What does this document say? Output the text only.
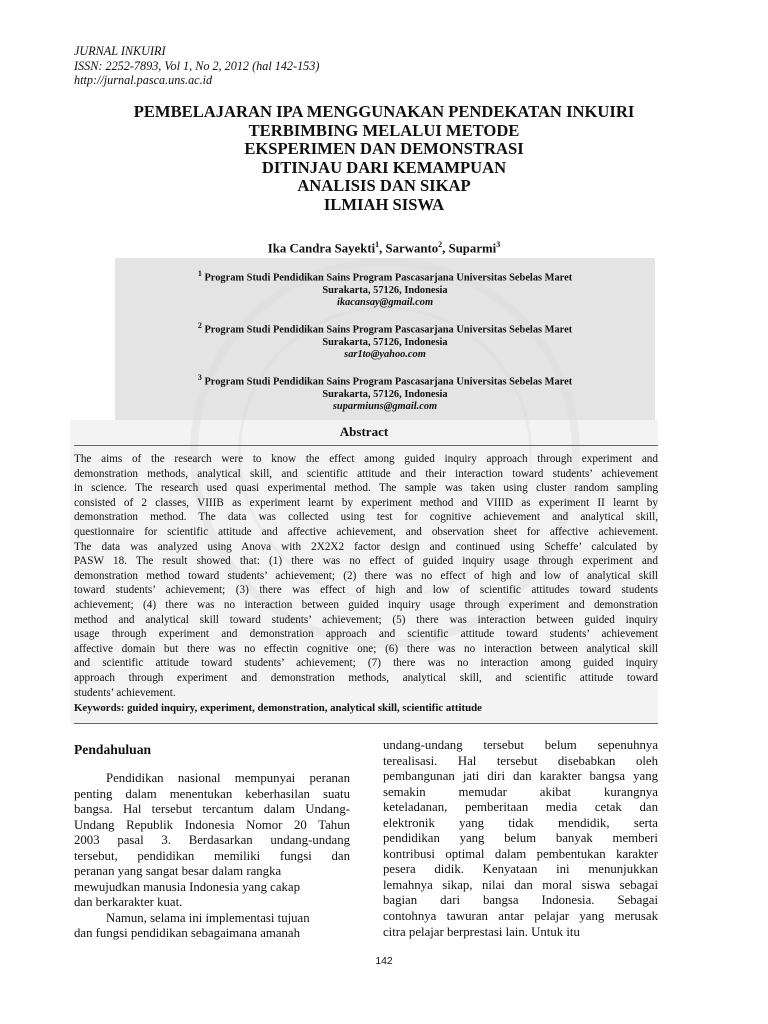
JURNAL INKUIRI
ISSN: 2252-7893, Vol 1, No 2, 2012 (hal 142-153)
http://jurnal.pasca.uns.ac.id
PEMBELAJARAN IPA MENGGUNAKAN PENDEKATAN INKUIRI
TERBIMBING MELALUI METODE
EKSPERIMEN DAN DEMONSTRASI
DITINJAU DARI KEMAMPUAN
ANALISIS DAN SIKAP
ILMIAH SISWA
Ika Candra Sayekti$^1$, Sarwanto$^2$, Suparmi$^3$
$^1$ Program Studi Pendidikan Sains Program Pascasarjana Universitas Sebelas Maret
Surakarta, 57126, Indonesia
ikacansay@gmail.com
$^2$ Program Studi Pendidikan Sains Program Pascasarjana Universitas Sebelas Maret
Surakarta, 57126, Indonesia
sar1to@yahoo.com
$^3$ Program Studi Pendidikan Sains Program Pascasarjana Universitas Sebelas Maret
Surakarta, 57126, Indonesia
suparmiuns@gmail.com
Abstract
The aims of the research were to know the effect among guided inquiry approach through experiment and
demonstration methods, analytical skill, and scientific attitude and their interaction toward students’ achievement
in science. The research used quasi experimental method. The sample was taken using cluster random sampling
consisted of 2 classes, VIIIB as experiment learnt by experiment method and VIIID as experiment II learnt by
demonstration method. The data was collected using test for cognitive achievement and analytical skill,
questionnaire for scientific attitude and affective achievement, and observation sheet for affective achievement.
The data was analyzed using Anova with 2X2X2 factor design and continued using Scheffe’ calculated by
PASW 18. The result showed that: (1) there was no effect of guided inquiry usage through experiment and
demonstration method toward students’ achievement; (2) there was no effect of high and low of analytical skill
toward students’ achievement; (3) there was effect of high and low of scientific attitudes toward students
achievement; (4) there was no interaction between guided inquiry usage through experiment and demonstration
method and analytical skill toward students’ achievement; (5) there was interaction between guided inquiry
usage through experiment and demonstration approach and scientific attitude toward students’ achievement
affective domain but there was no effectin cognitive one; (6) there was no interaction between analytical skill
and scientific attitude toward students’ achievement; (7) there was no interaction among guided inquiry
approach through experiment and demonstration methods, analytical skill, and scientific attitude toward
students’ achievement.
Keywords: guided inquiry, experiment, demonstration, analytical skill, scientific attitude
Pendahuluan
Pendidikan nasional mempunyai peranan
penting dalam menentukan keberhasilan suatu
bangsa. Hal tersebut tercantum dalam Undang-
Undang Republik Indonesia Nomor 20 Tahun
2003 pasal 3. Berdasarkan undang-undang
tersebut, pendidikan memiliki fungsi dan
peranan yang sangat besar dalam rangka
mewujudkan manusia Indonesia yang cakap
dan berkarakter kuat.
Namun, selama ini implementasi tujuan
dan fungsi pendidikan sebagaimana amanah
undang-undang tersebut belum sepenuhnya
terealisasi. Hal tersebut disebabkan oleh
pembangunan jati diri dan karakter bangsa yang
semakin memudar akibat kurangnya
keteladanan, pemberitaan media cetak dan
elektronik yang tidak mendidik, serta
pendidikan yang belum banyak memberi
kontribusi optimal dalam pembentukan karakter
pesera didik. Kenyataan ini menunjukkan
lemahnya sikap, nilai dan moral siswa sebagai
bagian dari bangsa Indonesia. Sebagai
contohnya tawuran antar pelajar yang merusak
citra pelajar berprestasi lain. Untuk itu
142
